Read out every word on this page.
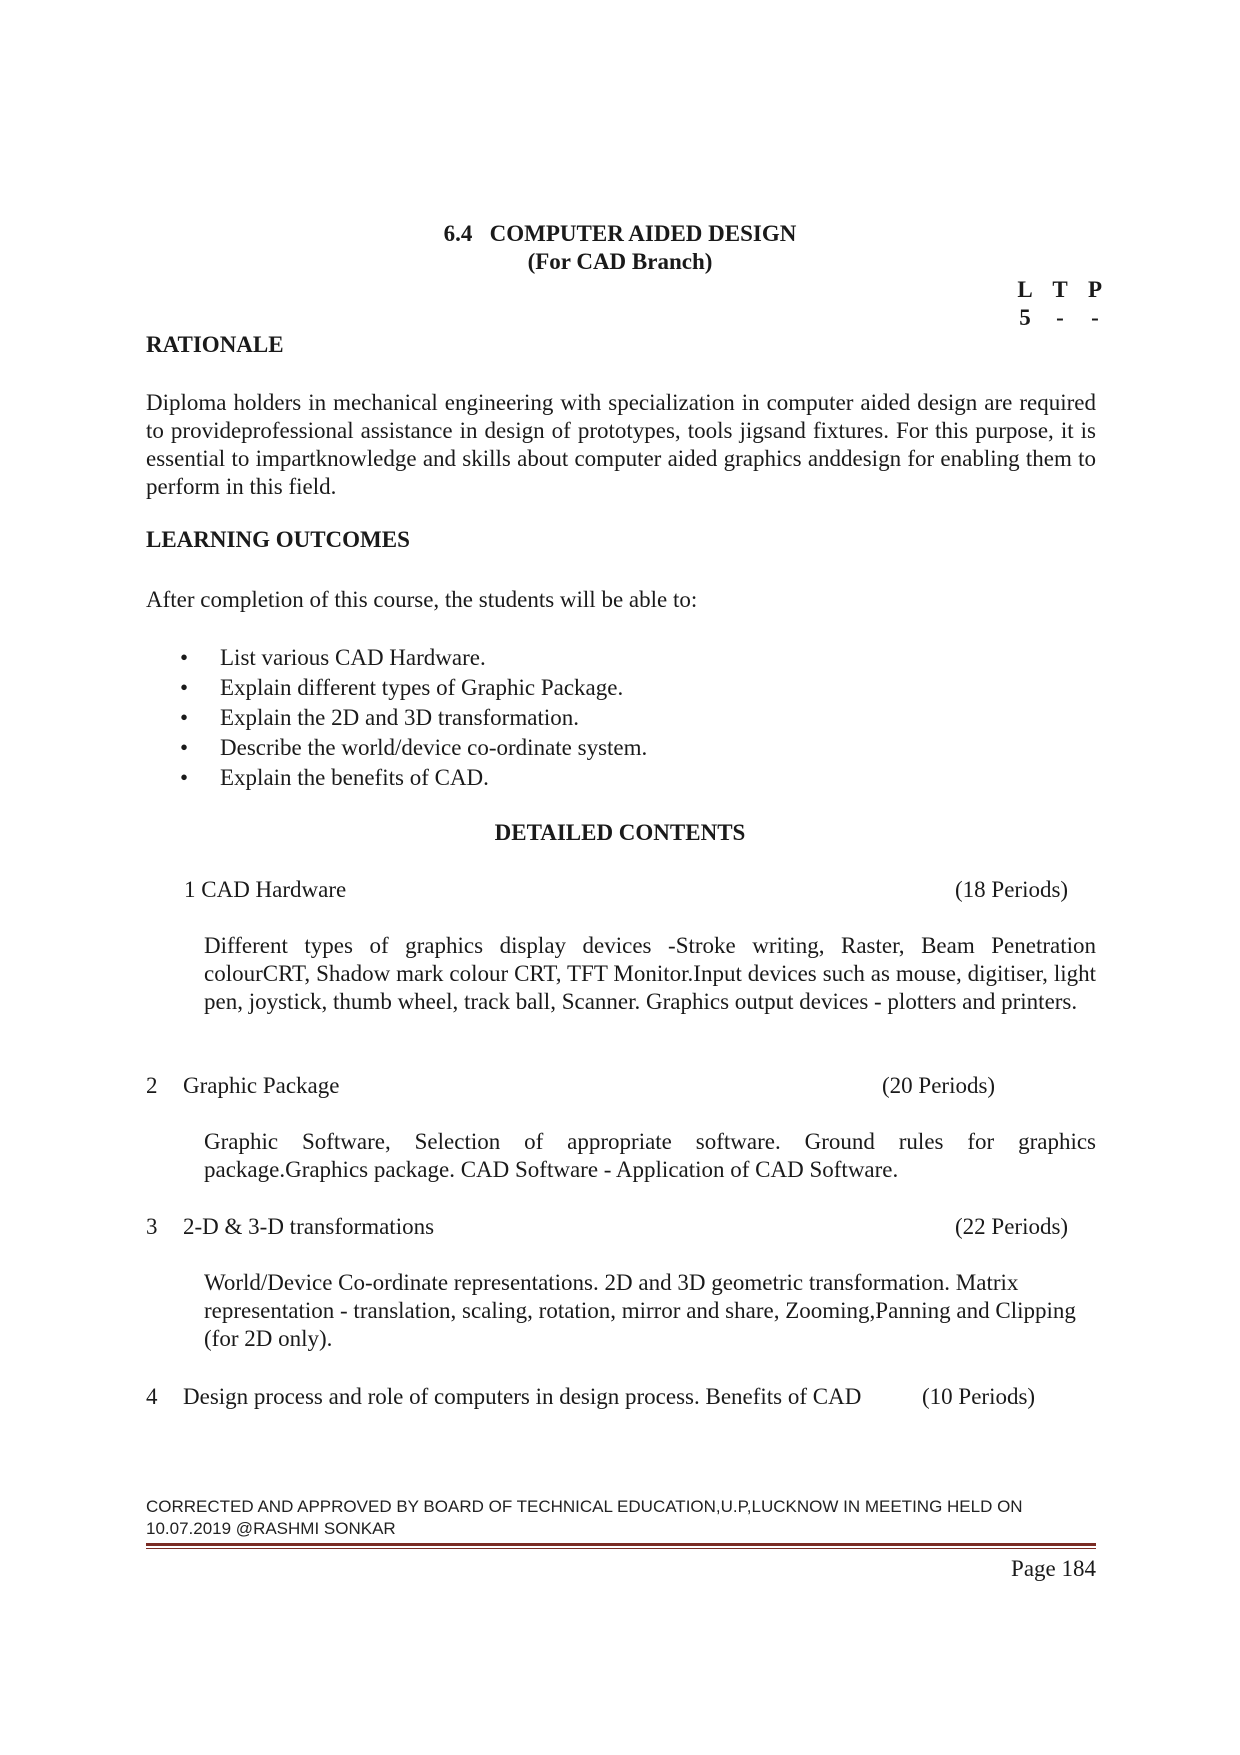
6.4   COMPUTER AIDED DESIGN
(For CAD Branch)
L T P
5	-	-
RATIONALE
Diploma holders in mechanical engineering with specialization in computer aided design are required to provideprofessional assistance in design of prototypes, tools jigsand fixtures. For this purpose, it is essential to impartknowledge and skills about computer aided graphics anddesign for enabling them to perform in this field.
LEARNING OUTCOMES
After completion of this course, the students will be able to:
• List various CAD Hardware.
• Explain different types of Graphic Package.
• Explain the 2D and 3D transformation.
• Describe the world/device co-ordinate system.
• Explain the benefits of CAD.
DETAILED CONTENTS
1 CAD Hardware	(18 Periods)
Different types of graphics display devices -Stroke writing, Raster, Beam Penetration colourCRT, Shadow mark colour CRT, TFT Monitor.Input devices such as mouse, digitiser, light pen, joystick, thumb wheel, track ball, Scanner. Graphics output devices - plotters and printers.
2 Graphic Package	(20 Periods)
Graphic Software, Selection of appropriate software. Ground rules for graphics package.Graphics package. CAD Software - Application of CAD Software.
3 2-D & 3-D transformations	(22 Periods)
World/Device Co-ordinate representations. 2D and 3D geometric transformation. Matrix representation - translation, scaling, rotation, mirror and share, Zooming,Panning and Clipping (for 2D only).
4 Design process and role of computers in design process. Benefits of CAD	(10 Periods)
CORRECTED AND APPROVED BY BOARD OF TECHNICAL EDUCATION,U.P,LUCKNOW IN MEETING HELD ON
10.07.2019 @RASHMI SONKAR
Page 184
